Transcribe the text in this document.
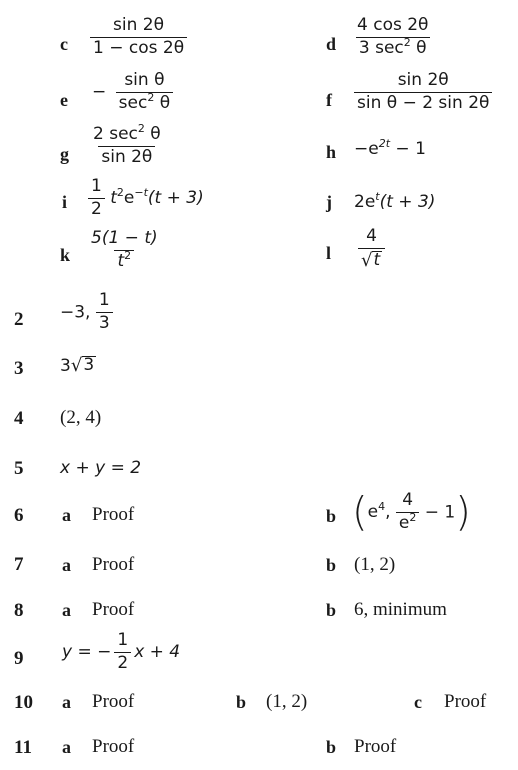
c $\frac{\sin 2\theta}{1 - \cos 2\theta}$	d $\frac{4 \cos 2\theta}{3 \sec^2 \theta}$
$e - \frac{\text{sin θ}}{\sec^2 \theta}$	f $\frac{\sin 2\theta}{\text{sin θ − 2 sin 2θ}}$
g $\frac{2 \sec^2 \theta}{\sin 2\theta}$	$h -e^{2t} - 1$
i $\frac{1}{2} t^2e^{-t}(t + 3)$	j $2e^t(t + 3)$
k $\frac{5(1 - t)}{t^2}$	l $\frac{4}{√ t}$
2 −3, $\frac{1}{3}$
3 3 √ 3
4 (2, 4)
5 x + y = 2
6 a Proof	b ($e^4$, $\frac{4}{e^2} - 1$)
7 a Proof	b (1, 2)
8 a Proof	b 6, minimum
9 y = − $\frac{1}{2}$ x + 4
10 a Proof	b (1, 2)	c Proof
11 a Proof	b Proof
